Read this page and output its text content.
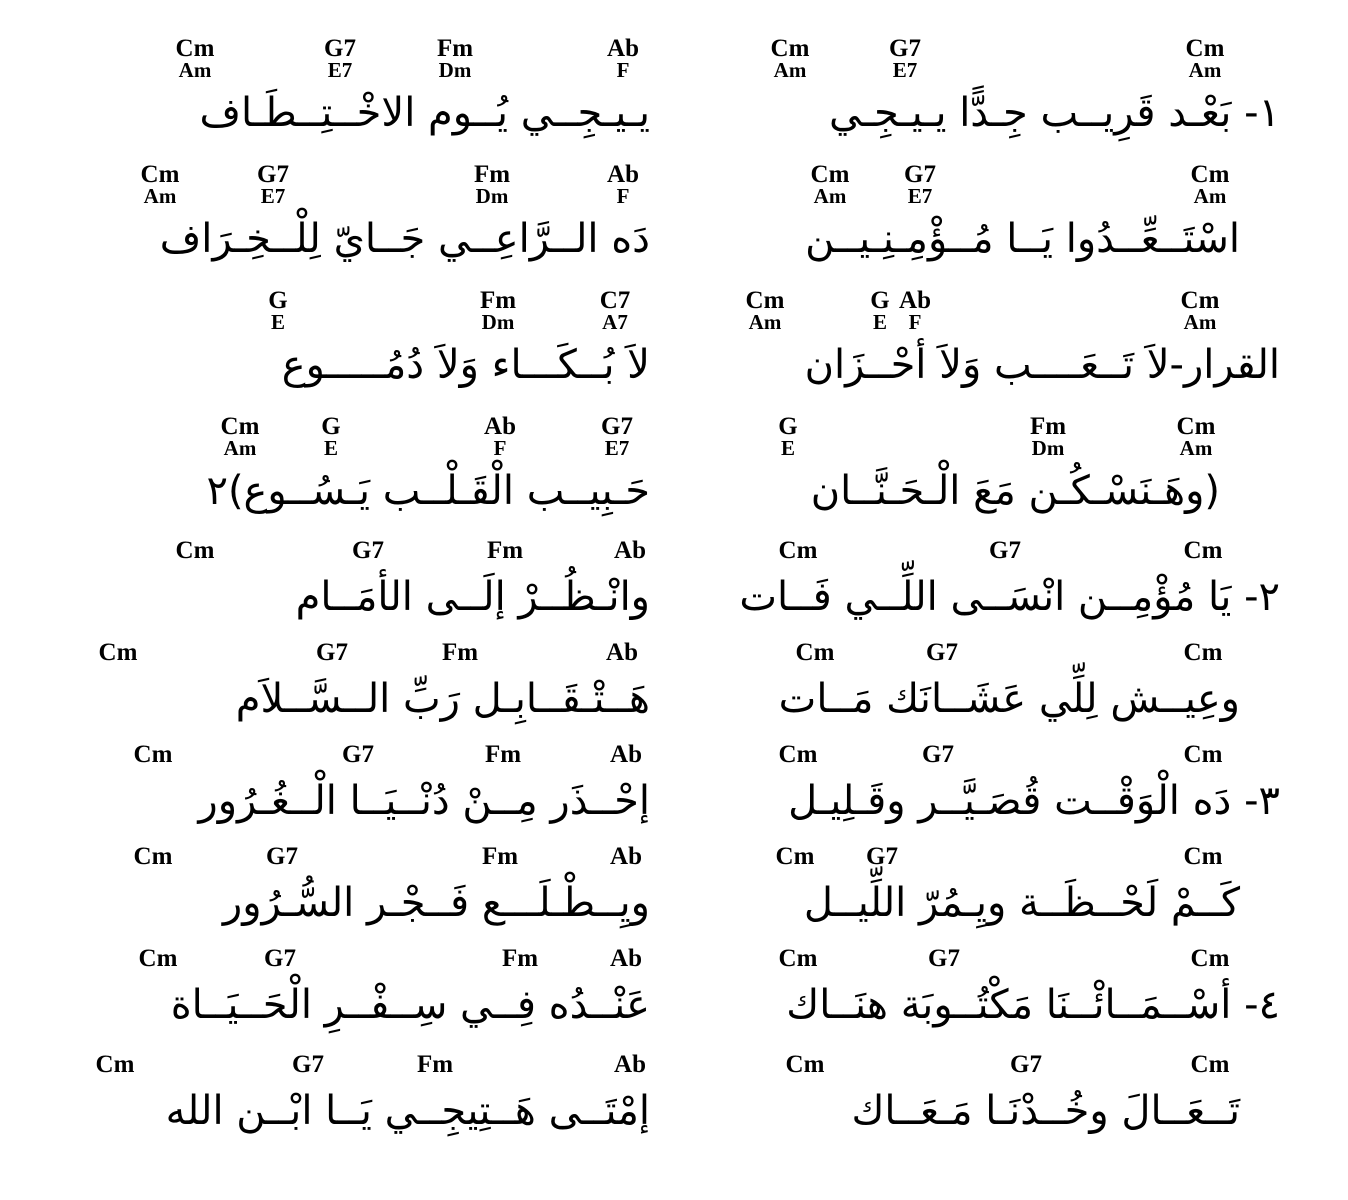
Cm
Am
G7
E7
Cm
Am
١- بَعْـد قَرِيــب جِـدًّا يـيـجِـي
Cm
Am
G7
E7
Fm
Dm
Ab
F
يـيـجِــي يُــوم الاخْــتِــطَـاف
Cm
Am
G7
E7
Cm
Am
اسْتَــعِّــدُوا يَــا مُــؤْمِـنِـيــن
Cm
Am
G7
E7
Fm
Dm
Ab
F
دَه الــرَّاعِــي جَــايّ لِلْــخِـرَاف
Cm
Am
G
E
Ab
F
Cm
Am
القرار-لاَ تَــعَــــب وَلاَ أحْــزَان
G
E
Fm
Dm
C7
A7
لاَ بُــكَـــاء وَلاَ دُمُـــــوع
G
E
Fm
Dm
Cm
Am
(وهَـنَسْـكُـن مَعَ الْـحَـنَّــان
Cm
Am
G
E
Ab
F
G7
E7
حَـبِيــب الْقَـلْــب يَـسُــوع)٢
Cm	G7	Cm
٢- يَا مُؤْمِــن انْسَــى اللِّــي فَــات
Cm	G7	Fm	Ab
وانْـظُــرْ إلَــى الأمَــام
Cm	G7	Cm
وعِيــش لِلِّي عَشَــانَك مَــات
Cm	G7	Fm	Ab
هَــتْـقَــابِـل رَبِّ الــسَّــلاَم
Cm	G7	Cm
٣- دَه الْوَقْــت قُصَـيَّــر وقَـلِيـل
Cm	G7	Fm	Ab
إحْــذَر مِــنْ دُنْــيَــا الْــغُـرُور
Cm G7	Cm
كَــمْ لَحْــظَــة ويِـمُرّ اللِّيــل
Cm	G7	Fm	Ab
ويِــطْـلَـــع فَــجْـر السُّـرُور
Cm	G7	Cm
٤- أسْــمَــائْــنَا مَكْتُــوبَة هنَــاك
Cm	G7	Fm	Ab
عَنْــدُه فِــي سِــفْــرِ الْحَــيَــاة
Cm	G7	Cm
تَــعَــالَ وخُــدْنَـا مَـعَــاك
Cm	G7	Fm	Ab
إمْتَــى هَــتِيجِــي يَــا ابْــن الله
